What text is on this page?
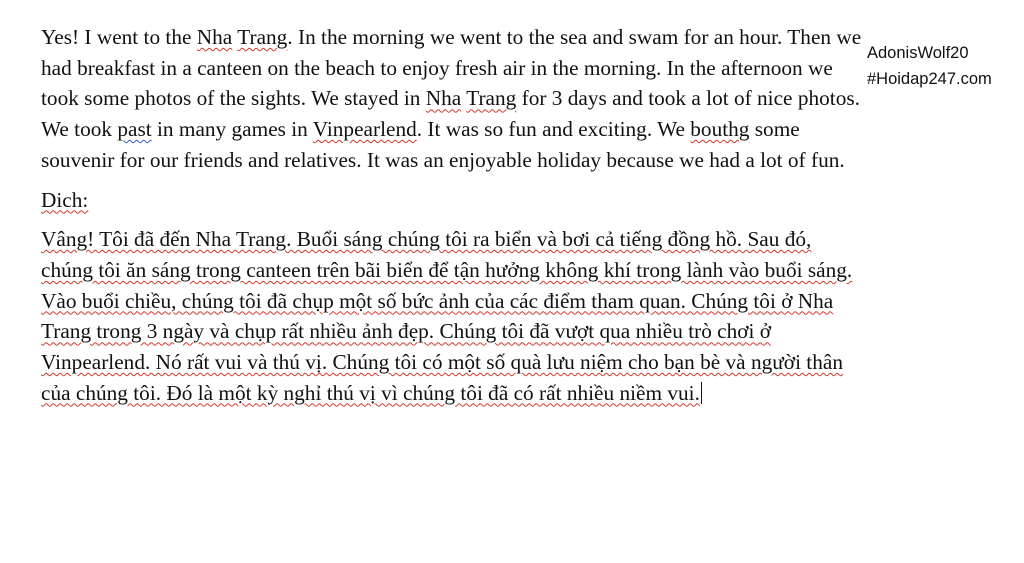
Yes! I went to the Nha Trang. In the morning we went to the sea and swam for an hour. Then we had breakfast in a canteen on the beach to enjoy fresh air in the morning. In the afternoon we took some photos of the sights. We stayed in Nha Trang for 3 days and took a lot of nice photos. We took past in many games in Vinpearlend. It was so fun and exciting. We bouthg some souvenir for our friends and relatives. It was an enjoyable holiday because we had a lot of fun.

Dich:

Vâng! Tôi đã đến Nha Trang. Buổi sáng chúng tôi ra biển và bơi cả tiếng đồng hồ. Sau đó, chúng tôi ăn sáng trong canteen trên bãi biển để tận hưởng không khí trong lành vào buổi sáng. Vào buổi chiều, chúng tôi đã chụp một số bức ảnh của các điểm tham quan. Chúng tôi ở Nha Trang trong 3 ngày và chụp rất nhiều ảnh đẹp. Chúng tôi đã vượt qua nhiều trò chơi ở Vinpearlend. Nó rất vui và thú vị. Chúng tôi có một số quà lưu niệm cho bạn bè và người thân của chúng tôi. Đó là một kỳ nghỉ thú vị vì chúng tôi đã có rất nhiều niềm vui.

AdonisWolf20
#Hoidap247.com
